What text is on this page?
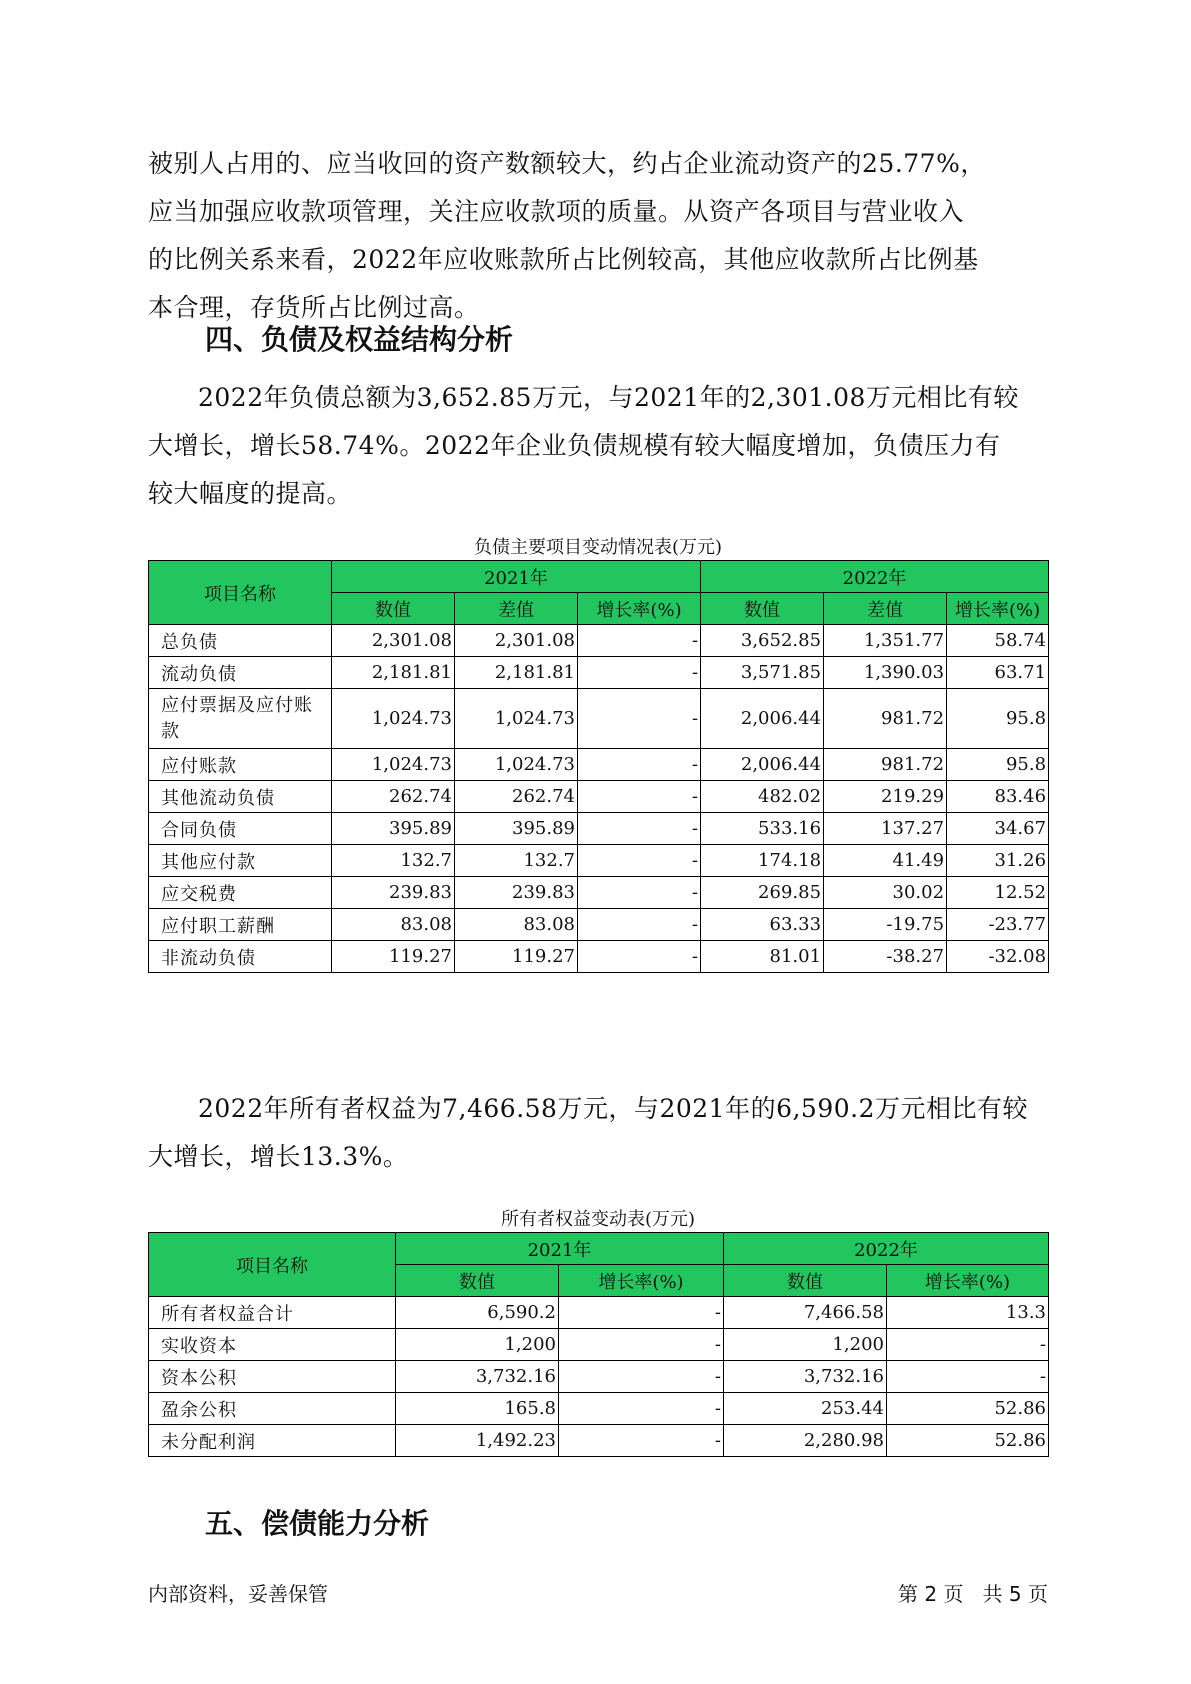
被别人占用的、应当收回的资产数额较大，约占企业流动资产的25.77%，
应当加强应收款项管理，关注应收款项的质量。从资产各项目与营业收入
的比例关系来看，2022年应收账款所占比例较高，其他应收款所占比例基
本合理，存货所占比例过高。
四、负债及权益结构分析
2022年负债总额为3,652.85万元，与2021年的2,301.08万元相比有较
大增长，增长58.74%。2022年企业负债规模有较大幅度增加，负债压力有
较大幅度的提高。
负债主要项目变动情况表(万元)
项目名称	2021年			2022年		
	数值	差值	增长率(%)	数值	差值	增长率(%)
总负债	2,301.08	2,301.08	-	3,652.85	1,351.77	58.74
流动负债	2,181.81	2,181.81	-	3,571.85	1,390.03	63.71
应付票据及应付账款	1,024.73	1,024.73	-	2,006.44	981.72	95.8
应付账款	1,024.73	1,024.73	-	2,006.44	981.72	95.8
其他流动负债	262.74	262.74	-	482.02	219.29	83.46
合同负债	395.89	395.89	-	533.16	137.27	34.67
其他应付款	132.7	132.7	-	174.18	41.49	31.26
应交税费	239.83	239.83	-	269.85	30.02	12.52
应付职工薪酬	83.08	83.08	-	63.33	-19.75	-23.77
非流动负债	119.27	119.27	-	81.01	-38.27	-32.08
2022年所有者权益为7,466.58万元，与2021年的6,590.2万元相比有较
大增长，增长13.3%。
所有者权益变动表(万元)
项目名称	2021年		2022年	
	数值	增长率(%)	数值	增长率(%)
所有者权益合计	6,590.2	-	7,466.58	13.3
实收资本	1,200	-	1,200	-
资本公积	3,732.16	-	3,732.16	-
盈余公积	165.8	-	253.44	52.86
未分配利润	1,492.23	-	2,280.98	52.86
五、偿债能力分析
内部资料，妥善保管	第 2 页   共 5 页
